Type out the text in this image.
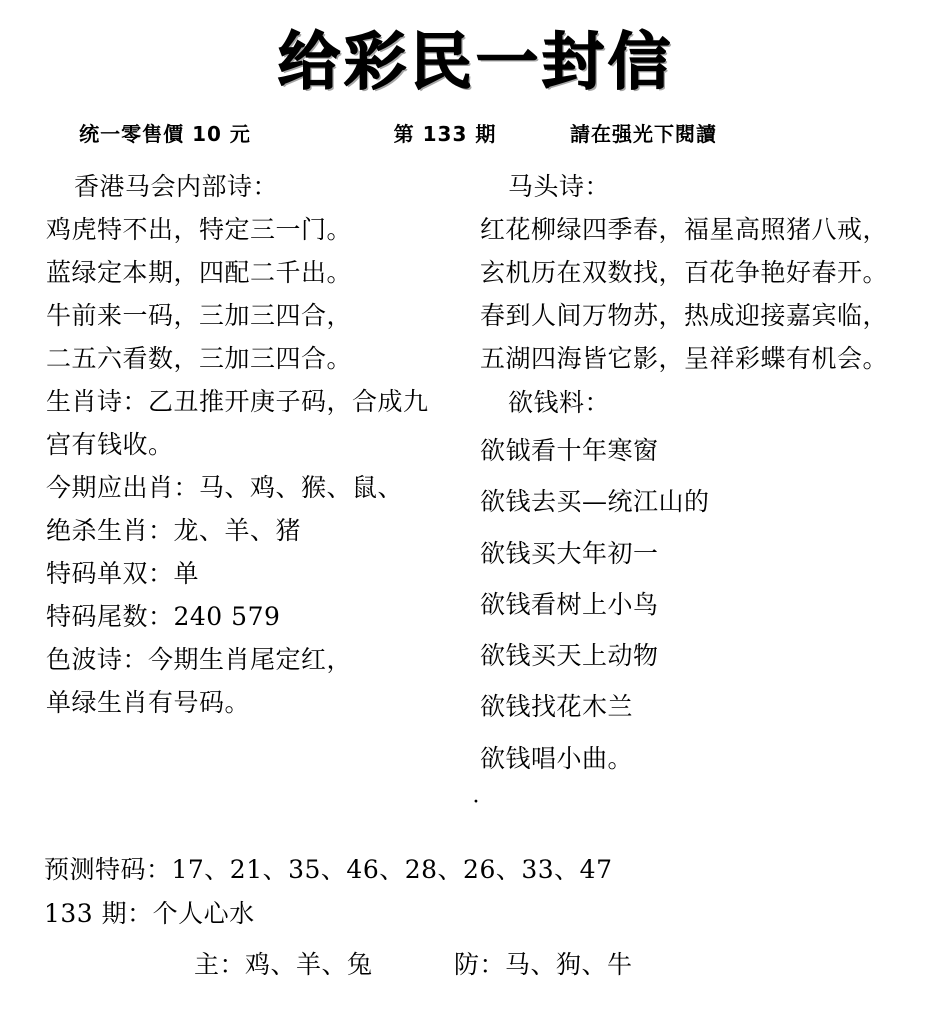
给彩民一封信
统一零售價 10 元	第 133 期	請在强光下閱讀
香港马会内部诗：
鸡虎特不出，特定三一门。
蓝绿定本期，四配二千出。
牛前来一码，三加三四合，
二五六看数，三加三四合。
生肖诗：乙丑推开庚子码，合成九
宫有钱收。
今期应出肖：马、鸡、猴、鼠、
绝杀生肖：龙、羊、猪
特码单双：单
特码尾数：240 579
色波诗：今期生肖尾定红，
单绿生肖有号码。
马头诗：
红花柳绿四季春，福星高照猪八戒，
玄机历在双数找，百花争艳好春开。
春到人间万物苏，热成迎接嘉宾临，
五湖四海皆它影，呈祥彩蝶有机会。
欲钱料：
欲钺看十年寒窗
欲钱去买—统江山的
欲钱买大年初一
欲钱看树上小鸟
欲钱买天上动物
欲钱找花木兰
欲钱唱小曲。
·
预测特码：17、21、35、46、28、26、33、47
133 期：个人心水
主：鸡、羊、兔	防：马、狗、牛
